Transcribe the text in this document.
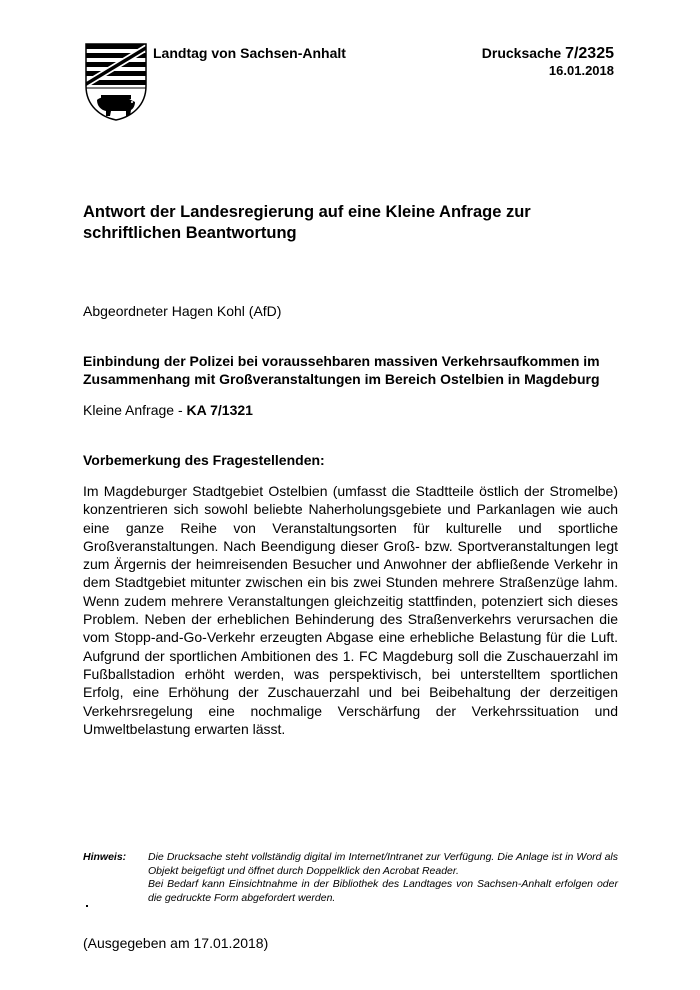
Landtag von Sachsen-Anhalt	Drucksache 7/2325
16.01.2018
Antwort der Landesregierung auf eine Kleine Anfrage zur schriftlichen Beantwortung
Abgeordneter Hagen Kohl (AfD)
Einbindung der Polizei bei voraussehbaren massiven Verkehrsaufkommen im Zusammenhang mit Großveranstaltungen im Bereich Ostelbien in Magdeburg
Kleine Anfrage - KA 7/1321
Vorbemerkung des Fragestellenden:
Im Magdeburger Stadtgebiet Ostelbien (umfasst die Stadtteile östlich der Stromelbe) konzentrieren sich sowohl beliebte Naherholungsgebiete und Parkanlagen wie auch eine ganze Reihe von Veranstaltungsorten für kulturelle und sportliche Großveranstaltungen. Nach Beendigung dieser Groß- bzw. Sportveranstaltungen legt zum Ärgernis der heimreisenden Besucher und Anwohner der abfließende Verkehr in dem Stadtgebiet mitunter zwischen ein bis zwei Stunden mehrere Straßenzüge lahm. Wenn zudem mehrere Veranstaltungen gleichzeitig stattfinden, potenziert sich dieses Problem. Neben der erheblichen Behinderung des Straßenverkehrs verursachen die vom Stopp-and-Go-Verkehr erzeugten Abgase eine erhebliche Belastung für die Luft. Aufgrund der sportlichen Ambitionen des 1. FC Magdeburg soll die Zuschauerzahl im Fußballstadion erhöht werden, was perspektivisch, bei unterstelltem sportlichen Erfolg, eine Erhöhung der Zuschauerzahl und bei Beibehaltung der derzeitigen Verkehrsregelung eine nochmalige Verschärfung der Verkehrssituation und Umweltbelastung erwarten lässt.
Hinweis: Die Drucksache steht vollständig digital im Internet/Intranet zur Verfügung. Die Anlage ist in Word als Objekt beigefügt und öffnet durch Doppelklick den Acrobat Reader.
Bei Bedarf kann Einsichtnahme in der Bibliothek des Landtages von Sachsen-Anhalt erfolgen oder die gedruckte Form abgefordert werden.
(Ausgegeben am 17.01.2018)
